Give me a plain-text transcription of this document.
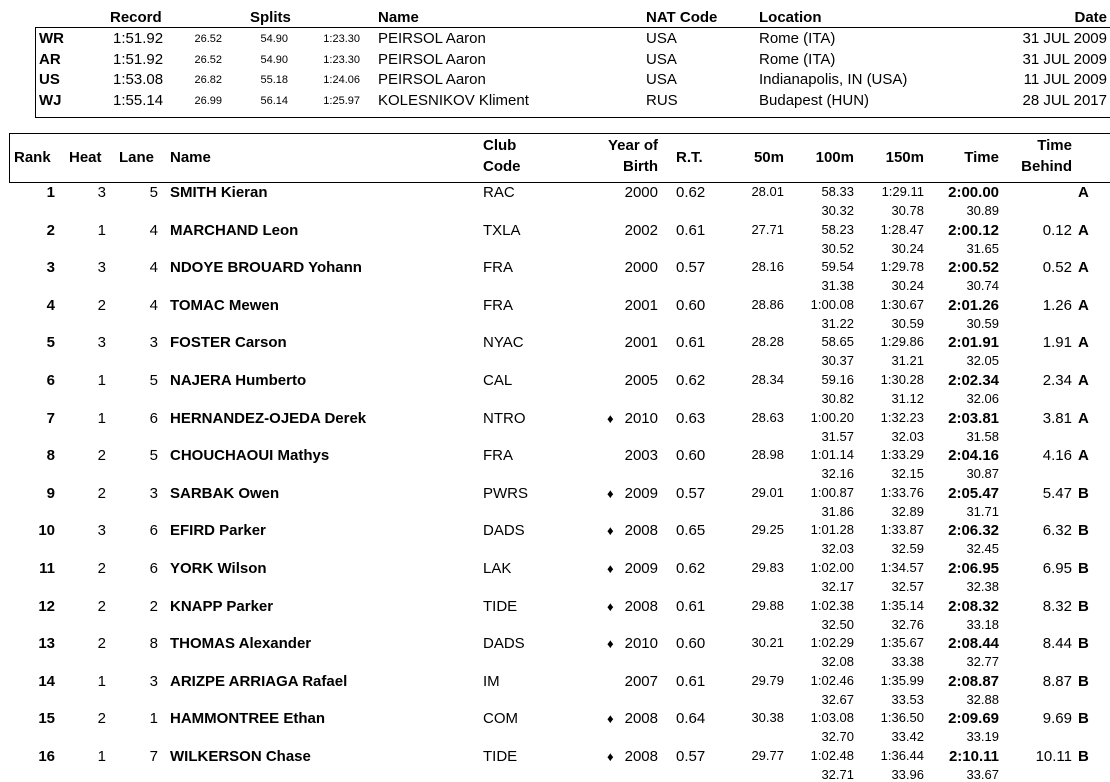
Record	Splits	Name	NAT Code	Location	Date
WR	1:51.92	26.52	54.90	1:23.30 PEIRSOL Aaron	USA	Rome (ITA)	31 JUL 2009
AR	1:51.92	26.52	54.90	1:23.30 PEIRSOL Aaron	USA	Rome (ITA)	31 JUL 2009
US	1:53.08	26.82	55.18	1:24.06 PEIRSOL Aaron	USA	Indianapolis, IN (USA)	11 JUL 2009
WJ	1:55.14	26.99	56.14	1:25.97 KOLESNIKOV Kliment	RUS	Budapest (HUN)	28 JUL 2017
Rank Heat Lane Name
Club
Code
Year of
Birth
R.T.	50m	100m	150m	Time
Time
Behind
1	3	5 SMITH Kieran	RAC	2000 0.62	28.01	58.33	1:29.11	2:00.00	A
30.32	30.78	30.89
2	1	4 MARCHAND Leon	TXLA	2002 0.61	27.71	58.23	1:28.47	2:00.12	0.12 A
30.52	30.24	31.65
3	3	4 NDOYE BROUARD Yohann	FRA	2000 0.57	28.16	59.54	1:29.78	2:00.52	0.52 A
31.38	30.24	30.74
4	2	4 TOMAC Mewen	FRA	2001 0.60	28.86	1:00.08	1:30.67	2:01.26	1.26 A
31.22	30.59	30.59
5	3	3 FOSTER Carson	NYAC	2001 0.61	28.28	58.65	1:29.86	2:01.91	1.91 A
30.37	31.21	32.05
6	1	5 NAJERA Humberto	CAL	2005 0.62	28.34	59.16	1:30.28	2:02.34	2.34 A
30.82	31.12	32.06
7	1	6 HERNANDEZ-OJEDA Derek	NTRO	♦ 2010 0.63	28.63	1:00.20	1:32.23	2:03.81	3.81 A
31.57	32.03	31.58
8	2	5 CHOUCHAOUI Mathys	FRA	2003 0.60	28.98	1:01.14	1:33.29	2:04.16	4.16 A
32.16	32.15	30.87
9	2	3 SARBAK Owen	PWRS	♦ 2009 0.57	29.01	1:00.87	1:33.76	2:05.47	5.47 B
31.86	32.89	31.71
10	3	6 EFIRD Parker	DADS	♦ 2008 0.65	29.25	1:01.28	1:33.87	2:06.32	6.32 B
32.03	32.59	32.45
11	2	6 YORK Wilson	LAK	♦ 2009 0.62	29.83	1:02.00	1:34.57	2:06.95	6.95 B
32.17	32.57	32.38
12	2	2 KNAPP Parker	TIDE	♦ 2008 0.61	29.88	1:02.38	1:35.14	2:08.32	8.32 B
32.50	32.76	33.18
13	2	8 THOMAS Alexander	DADS	♦ 2010 0.60	30.21	1:02.29	1:35.67	2:08.44	8.44 B
32.08	33.38	32.77
14	1	3 ARIZPE ARRIAGA Rafael	IM	2007 0.61	29.79	1:02.46	1:35.99	2:08.87	8.87 B
32.67	33.53	32.88
15	2	1 HAMMONTREE Ethan	COM	♦ 2008 0.64	30.38	1:03.08	1:36.50	2:09.69	9.69 B
32.70	33.42	33.19
16	1	7 WILKERSON Chase	TIDE	♦ 2008 0.57	29.77	1:02.48	1:36.44	2:10.11	10.11 B
32.71	33.96	33.67
